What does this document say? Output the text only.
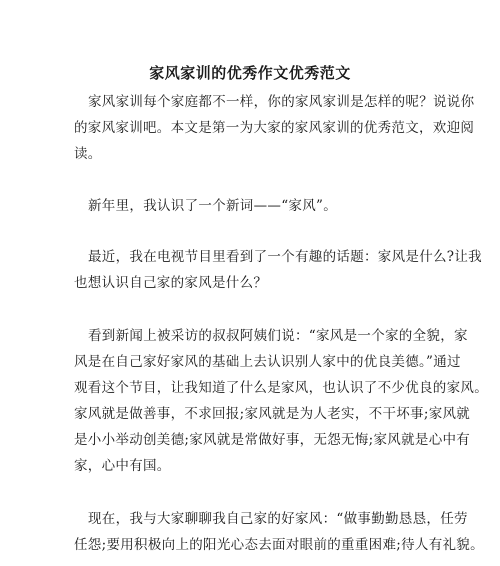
家风家训的优秀作文优秀范文
家风家训每个家庭都不一样，你的家风家训是怎样的呢？说说你
的家风家训吧。本文是第一为大家的家风家训的优秀范文，欢迎阅
读。
新年里，我认识了一个新词——“家风”。
最近，我在电视节目里看到了一个有趣的话题：家风是什么?让我
也想认识自己家的家风是什么？
看到新闻上被采访的叔叔阿姨们说：“家风是一个家的全貌，家
风是在自己家好家风的基础上去认识别人家中的优良美德。”通过
观看这个节目，让我知道了什么是家风，也认识了不少优良的家风。
家风就是做善事，不求回报;家风就是为人老实，不干坏事;家风就
是小小举动创美德;家风就是常做好事，无怨无悔;家风就是心中有
家，心中有国。
现在，我与大家聊聊我自己家的好家风：“做事勤勤恳恳，任劳
任怨;要用积极向上的阳光心态去面对眼前的重重困难;待人有礼貌。
